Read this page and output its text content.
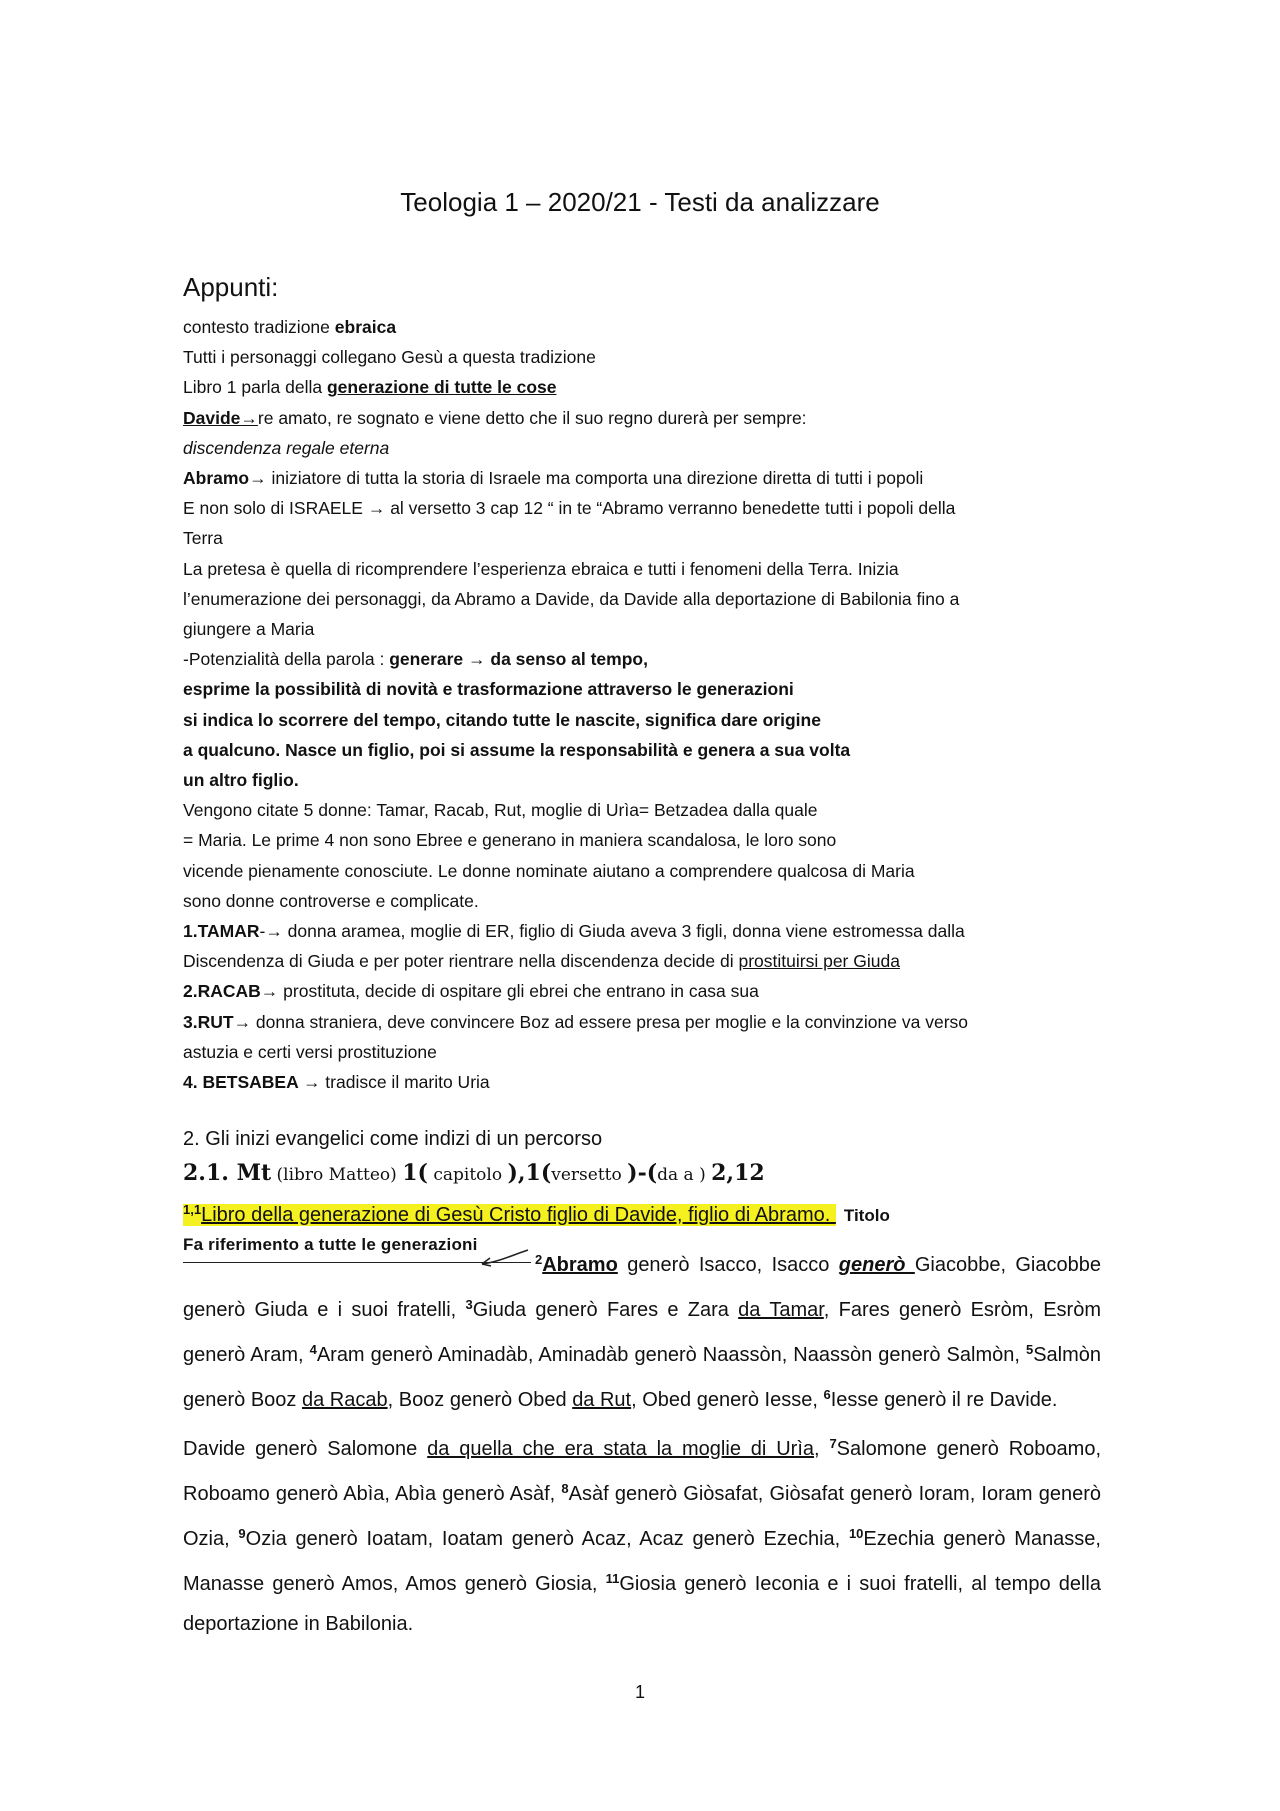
Teologia 1 – 2020/21 - Testi da analizzare
Appunti:
contesto tradizione ebraica
Tutti i personaggi collegano Gesù a questa tradizione
Libro 1 parla della generazione di tutte le cose
Davide→re amato, re sognato e viene detto che il suo regno durerà per sempre:
discendenza regale eterna
Abramo→ iniziatore di tutta la storia di Israele ma comporta una direzione diretta di tutti i popoli
E non solo di ISRAELE → al versetto 3 cap 12 “ in te “Abramo verranno benedette tutti i popoli della
Terra
La pretesa è quella di ricomprendere l’esperienza ebraica e tutti i fenomeni della Terra. Inizia
l’enumerazione dei personaggi, da Abramo a Davide, da Davide alla deportazione di Babilonia fino a
giungere a Maria
-Potenzialità della parola : generare → da senso al tempo,
esprime la possibilità di novità e trasformazione attraverso le generazioni
si indica lo scorrere del tempo, citando tutte le nascite, significa dare origine
a qualcuno. Nasce un figlio, poi si assume la responsabilità e genera a sua volta
un altro figlio.
Vengono citate 5 donne: Tamar, Racab, Rut, moglie di Urìa= Betzadea dalla quale
= Maria. Le prime 4 non sono Ebree e generano in maniera scandalosa, le loro sono
vicende pienamente conosciute. Le donne nominate aiutano a comprendere qualcosa di Maria
sono donne controverse e complicate.
1.TAMAR-→ donna aramea, moglie di ER, figlio di Giuda aveva 3 figli, donna viene estromessa dalla
Discendenza di Giuda e per poter rientrare nella discendenza decide di prostituirsi per Giuda
2.RACAB→ prostituta, decide di ospitare gli ebrei che entrano in casa sua
3.RUT→ donna straniera, deve convincere Boz ad essere presa per moglie e la convinzione va verso
astuzia e certi versi prostituzione
4. BETSABEA → tradisce il marito Uria
2. Gli inizi evangelici come indizi di un percorso
2.1. Mt (libro Matteo) 1( capitolo ),1(versetto )-(da a ) 2,12
$^{1,1}$Libro della generazione di Gesù Cristo figlio di Davide, figlio di Abramo. Titolo
Fa riferimento a tutte le generazioni

$^2$Abramo generò Isacco, Isacco generò Giacobbe, Giacobbe generò Giuda e i suoi fratelli, $^3$Giuda generò Fares e Zara da Tamar, Fares generò Esròm, Esròm generò Aram, $^4$Aram generò Aminadàb, Aminadàb generò Naassòn, Naassòn generò Salmòn, $^5$Salmòn generò Booz da Racab, Booz generò Obed da Rut, Obed generò Iesse, $^6$Iesse generò il re Davide.

Davide generò Salomone da quella che era stata la moglie di Urìa, $^7$Salomone generò Roboamo, Roboamo generò Abìa, Abìa generò Asàf, $^8$Asàf generò Giòsafat, Giòsafat generò Ioram, Ioram generò Ozia, $^9$Ozia generò Ioatam, Ioatam generò Acaz, Acaz generò Ezechia, $^{10}$Ezechia generò Manasse, Manasse generò Amos, Amos generò Giosia, $^{11}$Giosia generò Ieconia e i suoi fratelli, al tempo della deportazione in Babilonia.

1
